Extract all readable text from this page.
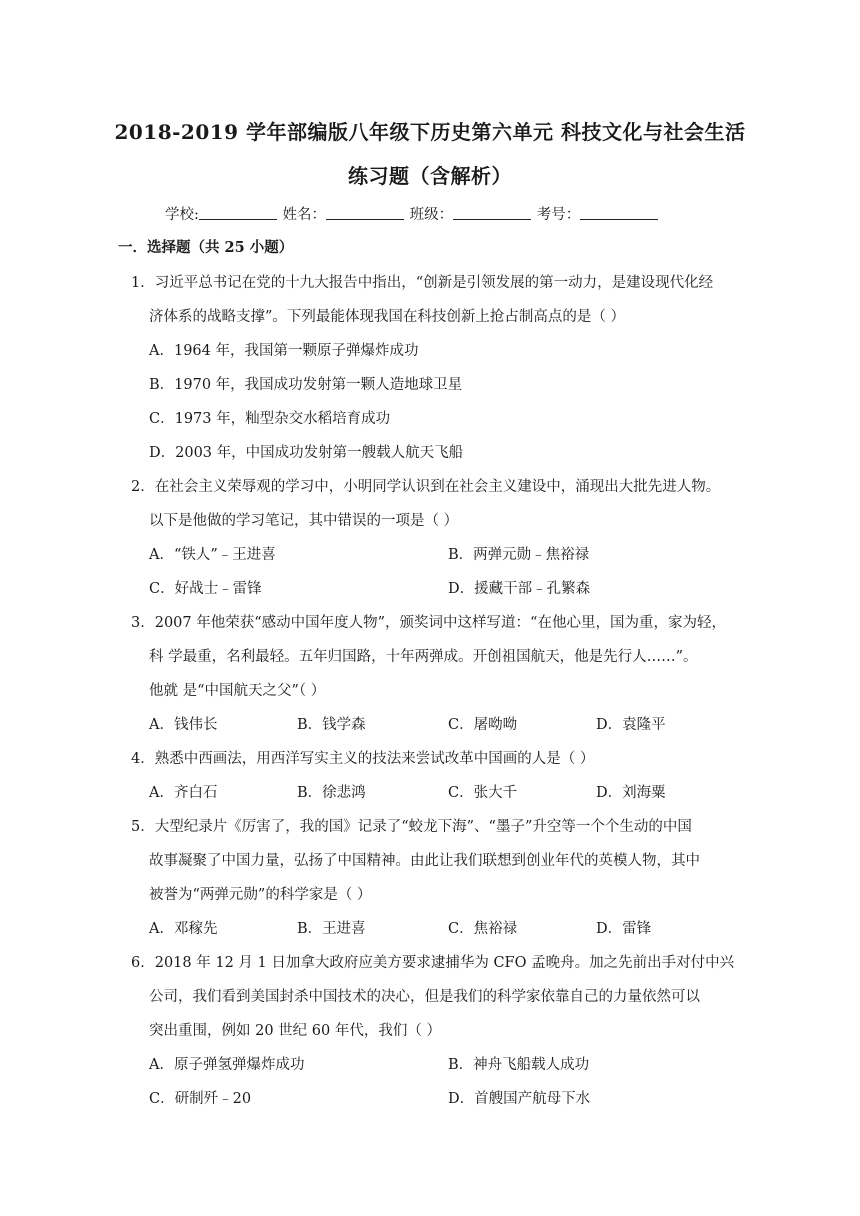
2018-2019 学年部编版八年级下历史第六单元 科技文化与社会生活
练习题（含解析）
学校:	姓名：	班级：	考号：
一．选择题（共 25 小题）
1．习近平总书记在党的十九大报告中指出，“创新是引领发展的第一动力，是建设现代化经
济体系的战略支撑”。下列最能体现我国在科技创新上抢占制高点的是（ ）
A．1964 年，我国第一颗原子弹爆炸成功
B．1970 年，我国成功发射第一颗人造地球卫星
C．1973 年，籼型杂交水稻培育成功
D．2003 年，中国成功发射第一艘载人航天飞船
2．在社会主义荣辱观的学习中，小明同学认识到在社会主义建设中，涌现出大批先进人物。
以下是他做的学习笔记，其中错误的一项是（ ）
A．“铁人”﹣王进喜	B．两弹元勋﹣焦裕禄
C．好战士﹣雷锋	D．援藏干部﹣孔繁森
3．2007 年他荣获“感动中国年度人物”，颁奖词中这样写道：“在他心里，国为重，家为轻，
科 学最重，名利最轻。五年归国路，十年两弹成。开创祖国航天，他是先行人……”。
他就 是“中国航天之父”（ ）
A．钱伟长	B．钱学森	C．屠呦呦	D．袁隆平
4．熟悉中西画法，用西洋写实主义的技法来尝试改革中国画的人是（ ）
A．齐白石	B．徐悲鸿	C．张大千	D．刘海粟
5．大型纪录片《厉害了，我的国》记录了“蛟龙下海”、“墨子”升空等一个个生动的中国
故事凝聚了中国力量，弘扬了中国精神。由此让我们联想到创业年代的英模人物，其中
被誉为“两弹元勋”的科学家是（ ）
A．邓稼先	B．王进喜	C．焦裕禄	D．雷锋
6．2018 年 12 月 1 日加拿大政府应美方要求逮捕华为 CFO 孟晚舟。加之先前出手对付中兴
公司，我们看到美国封杀中国技术的决心，但是我们的科学家依靠自己的力量依然可以
突出重围，例如 20 世纪 60 年代，我们（ ）
A．原子弹氢弹爆炸成功	B．神舟飞船载人成功
C．研制歼﹣20	D．首艘国产航母下水
